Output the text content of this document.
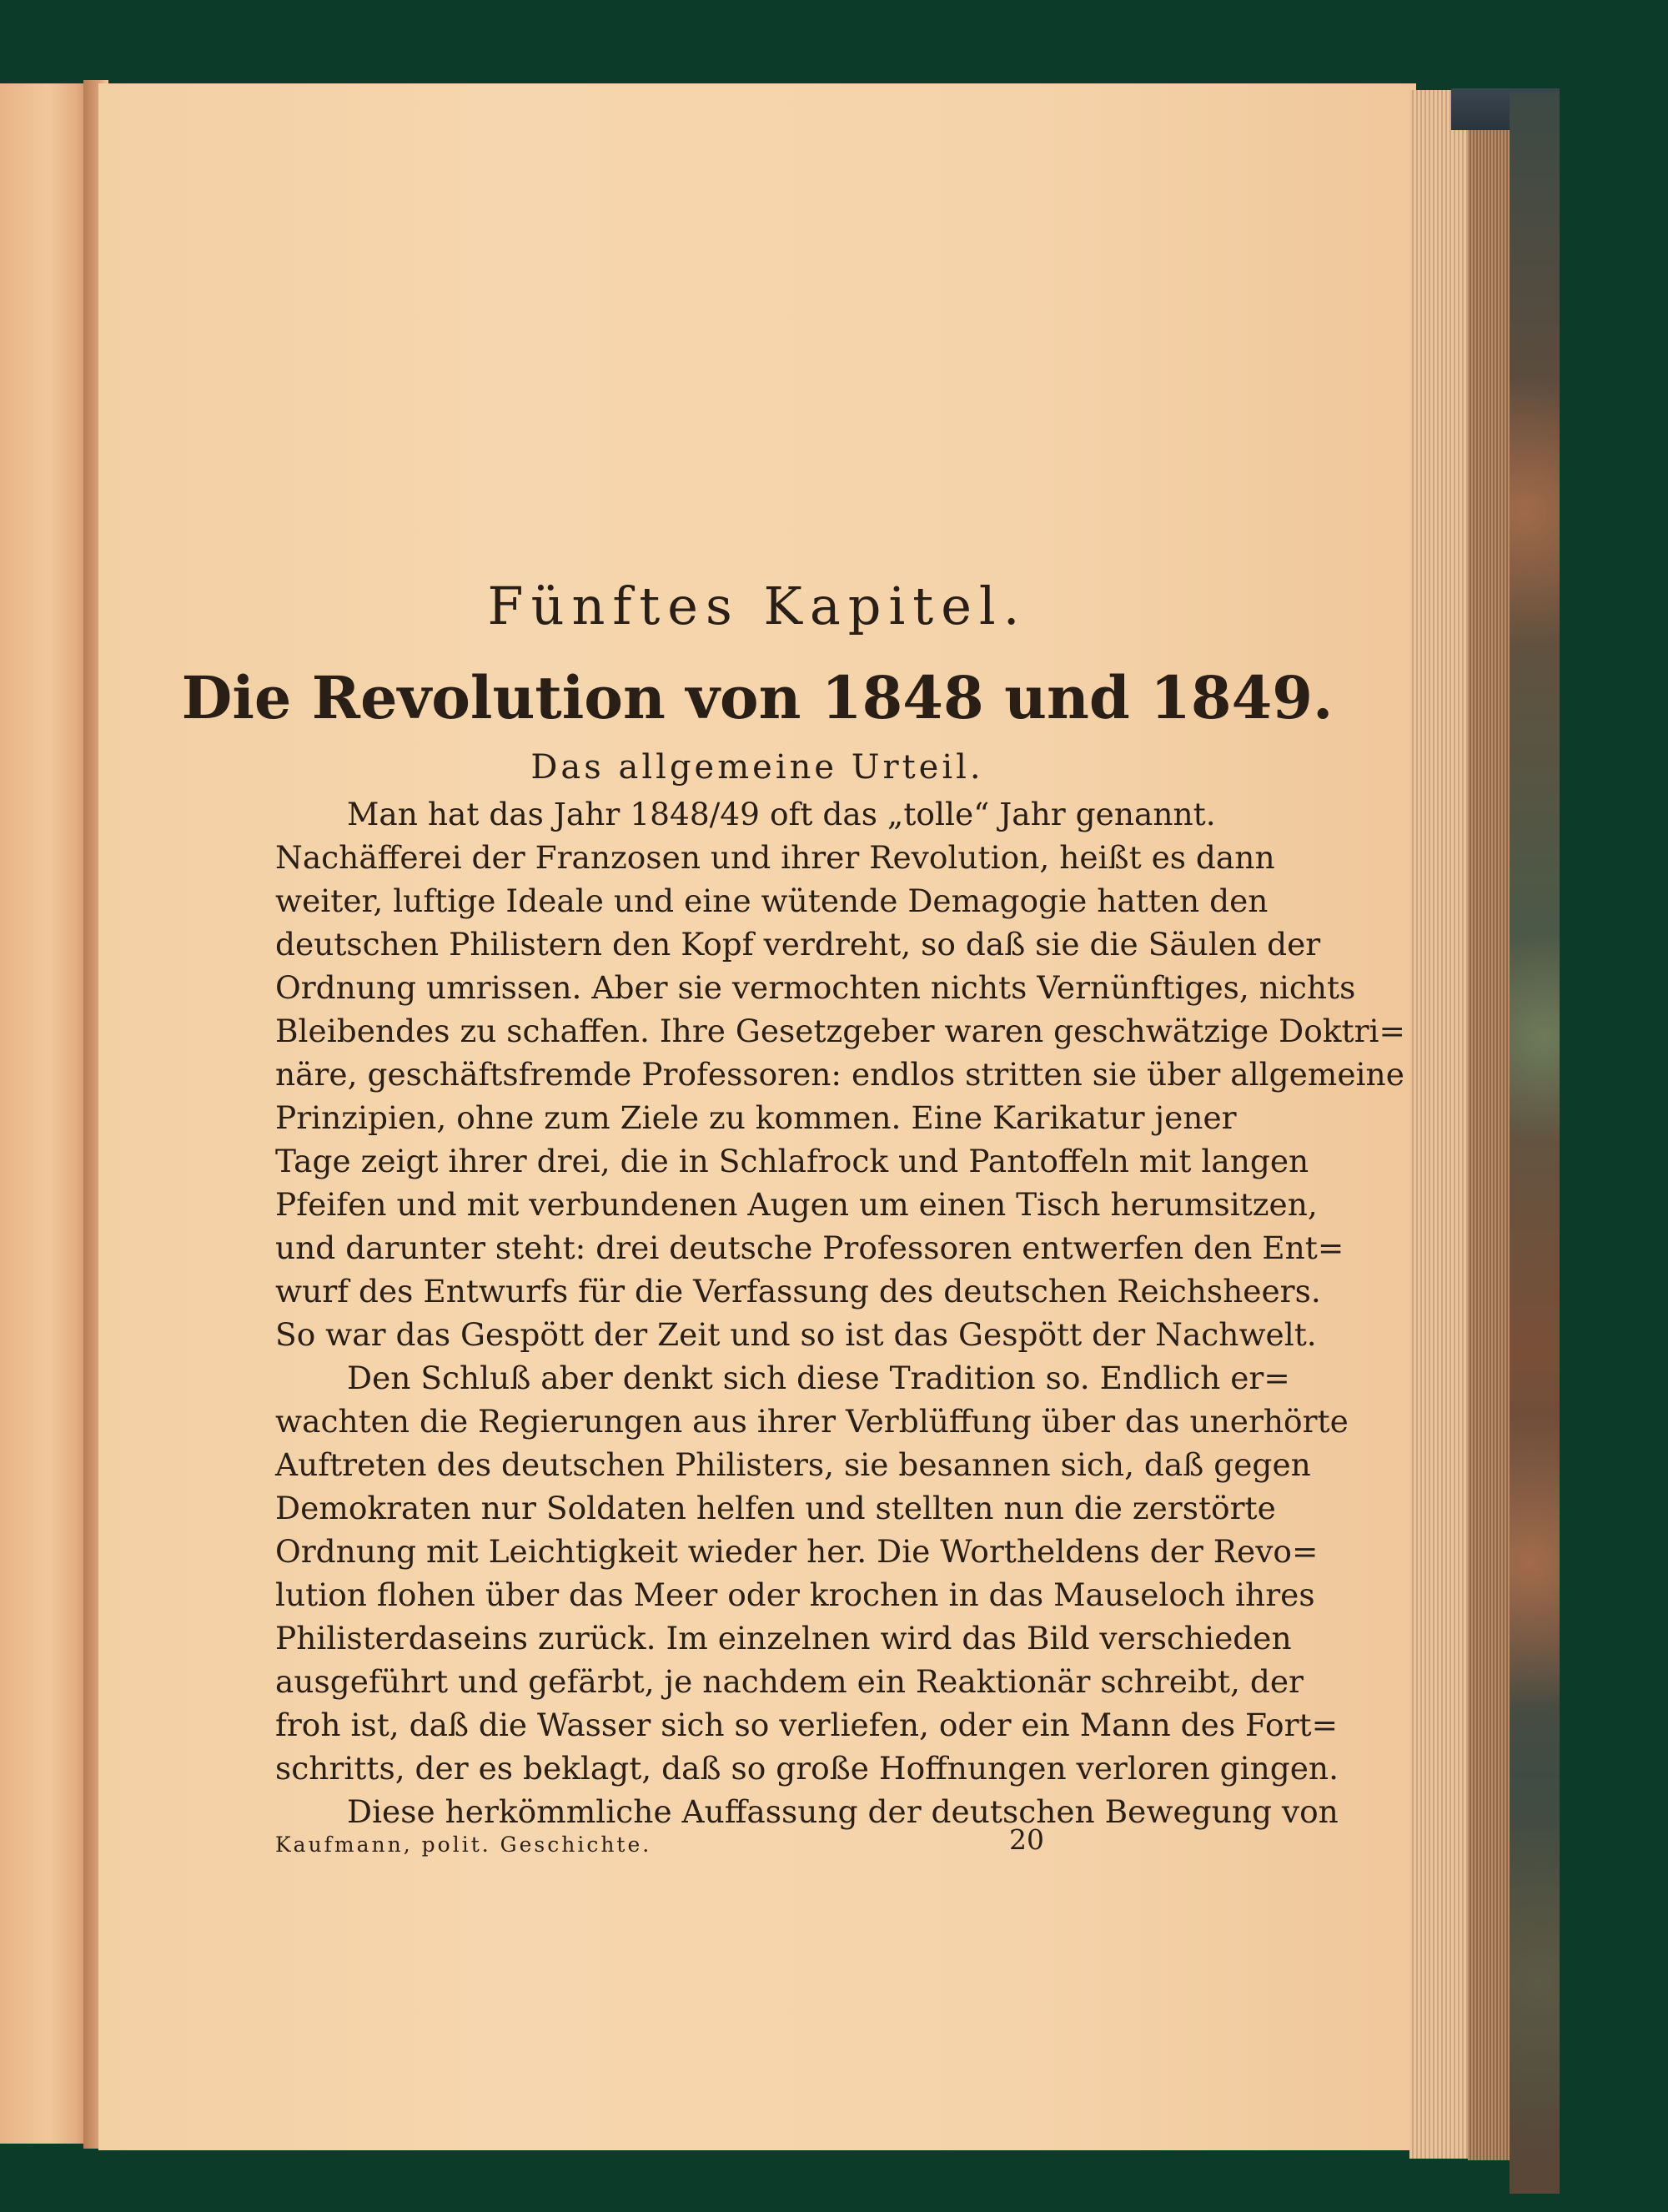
Fünftes Kapitel.
Die Revolution von 1848 und 1849.
Das allgemeine Urteil.
Man hat das Jahr 1848/49 oft das „tolle“ Jahr genannt.
Nachäfferei der Franzosen und ihrer Revolution, heißt es dann
weiter, luftige Ideale und eine wütende Demagogie hatten den
deutschen Philistern den Kopf verdreht, so daß sie die Säulen der
Ordnung umrissen. Aber sie vermochten nichts Vernünftiges, nichts
Bleibendes zu schaffen. Ihre Gesetzgeber waren geschwätzige Doktri=
näre, geschäftsfremde Professoren: endlos stritten sie über allgemeine
Prinzipien, ohne zum Ziele zu kommen. Eine Karikatur jener
Tage zeigt ihrer drei, die in Schlafrock und Pantoffeln mit langen
Pfeifen und mit verbundenen Augen um einen Tisch herumsitzen,
und darunter steht: drei deutsche Professoren entwerfen den Ent=
wurf des Entwurfs für die Verfassung des deutschen Reichsheers.
So war das Gespött der Zeit und so ist das Gespött der Nachwelt.
Den Schluß aber denkt sich diese Tradition so. Endlich er=
wachten die Regierungen aus ihrer Verblüffung über das unerhörte
Auftreten des deutschen Philisters, sie besannen sich, daß gegen
Demokraten nur Soldaten helfen und stellten nun die zerstörte
Ordnung mit Leichtigkeit wieder her. Die Wortheldens der Revo=
lution flohen über das Meer oder krochen in das Mauseloch ihres
Philisterdaseins zurück. Im einzelnen wird das Bild verschieden
ausgeführt und gefärbt, je nachdem ein Reaktionär schreibt, der
froh ist, daß die Wasser sich so verliefen, oder ein Mann des Fort=
schritts, der es beklagt, daß so große Hoffnungen verloren gingen.
Diese herkömmliche Auffassung der deutschen Bewegung von
Kaufmann, polit. Geschichte.	20
